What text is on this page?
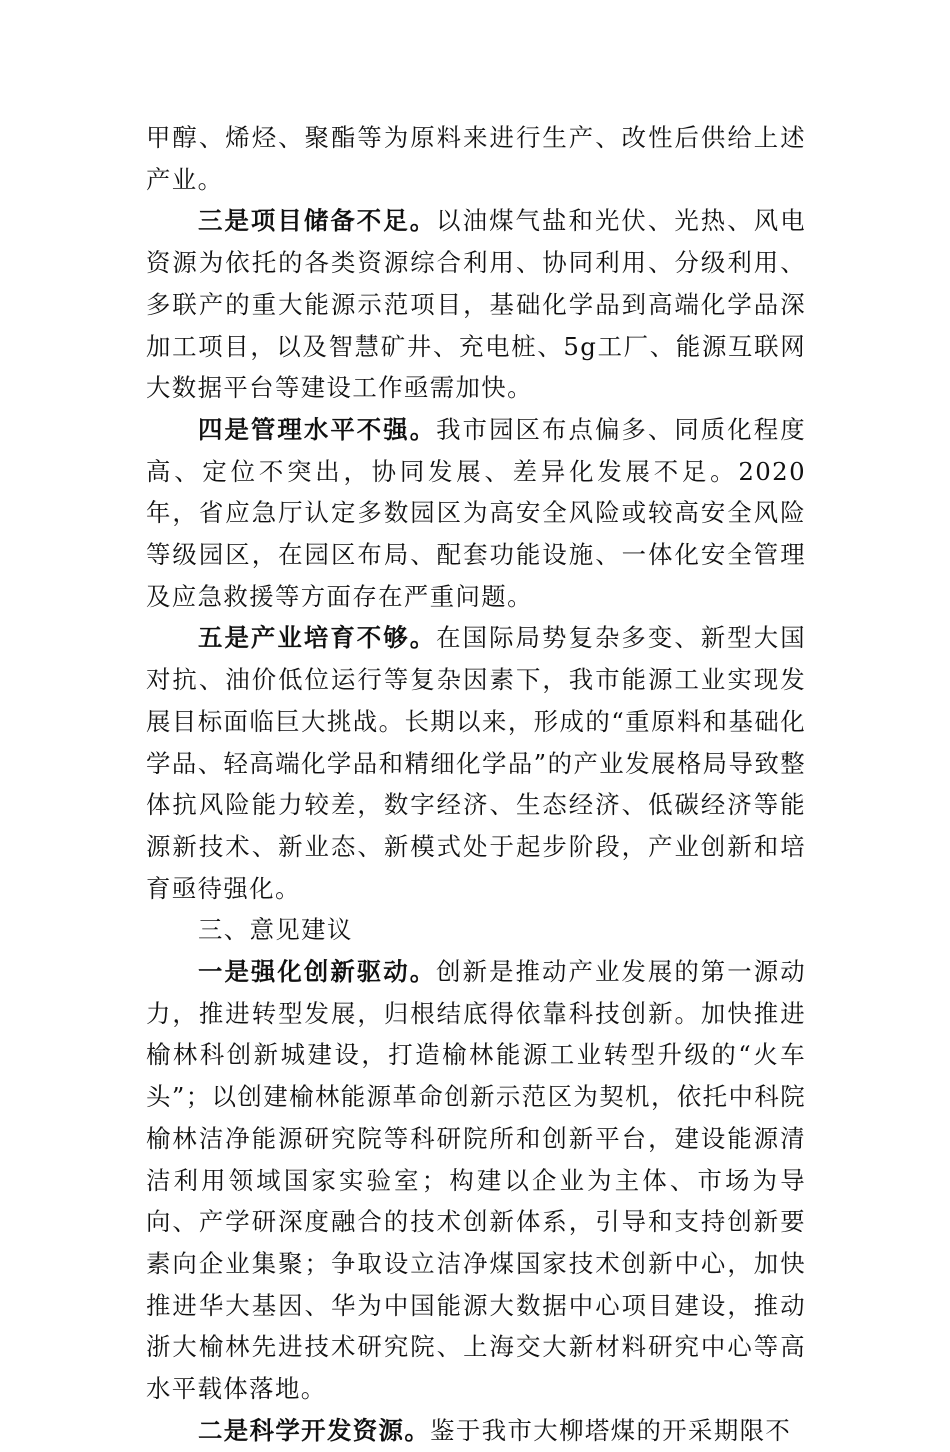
甲醇、烯烃、聚酯等为原料来进行生产、改性后供给上述产业。

三是项目储备不足。以油煤气盐和光伏、光热、风电资源为依托的各类资源综合利用、协同利用、分级利用、多联产的重大能源示范项目，基础化学品到高端化学品深加工项目，以及智慧矿井、充电桩、5g工厂、能源互联网大数据平台等建设工作亟需加快。

四是管理水平不强。我市园区布点偏多、同质化程度高、定位不突出，协同发展、差异化发展不足。2020年，省应急厅认定多数园区为高安全风险或较高安全风险等级园区，在园区布局、配套功能设施、一体化安全管理及应急救援等方面存在严重问题。

五是产业培育不够。在国际局势复杂多变、新型大国对抗、油价低位运行等复杂因素下，我市能源工业实现发展目标面临巨大挑战。长期以来，形成的“重原料和基础化学品、轻高端化学品和精细化学品”的产业发展格局导致整体抗风险能力较差，数字经济、生态经济、低碳经济等能源新技术、新业态、新模式处于起步阶段，产业创新和培育亟待强化。

三、意见建议

一是强化创新驱动。创新是推动产业发展的第一源动力，推进转型发展，归根结底得依靠科技创新。加快推进榆林科创新城建设，打造榆林能源工业转型升级的“火车头”；以创建榆林能源革命创新示范区为契机，依托中科院榆林洁净能源研究院等科研院所和创新平台，建设能源清洁利用领域国家实验室；构建以企业为主体、市场为导向、产学研深度融合的技术创新体系，引导和支持创新要素向企业集聚；争取设立洁净煤国家技术创新中心，加快推进华大基因、华为中国能源大数据中心项目建设，推动浙大榆林先进技术研究院、上海交大新材料研究中心等高水平载体落地。

二是科学开发资源。鉴于我市大柳塔煤的开采期限不
